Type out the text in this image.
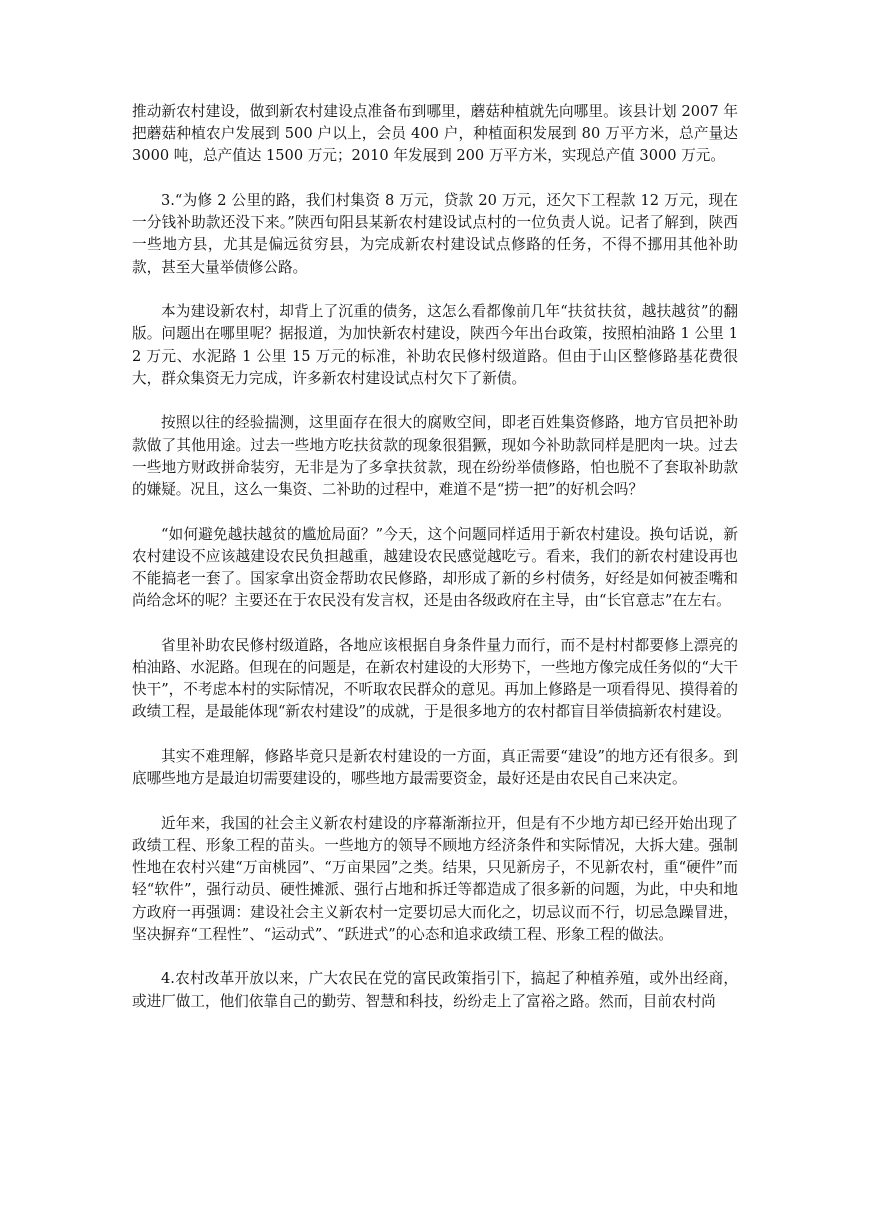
推动新农村建设，做到新农村建设点准备布到哪里，蘑菇种植就先向哪里。该县计划 2007 年把蘑菇种植农户发展到 500 户以上，会员 400 户，种植面积发展到 80 万平方米，总产量达 3000 吨，总产值达 1500 万元；2010 年发展到 200 万平方米，实现总产值 3000 万元。

3.“为修 2 公里的路，我们村集资 8 万元，贷款 20 万元，还欠下工程款 12 万元，现在一分钱补助款还没下来。”陕西旬阳县某新农村建设试点村的一位负责人说。记者了解到，陕西一些地方县，尤其是偏远贫穷县，为完成新农村建设试点修路的任务，不得不挪用其他补助款，甚至大量举债修公路。

本为建设新农村，却背上了沉重的债务，这怎么看都像前几年“扶贫扶贫，越扶越贫”的翻版。问题出在哪里呢？据报道，为加快新农村建设，陕西今年出台政策，按照柏油路 1 公里 12 万元、水泥路 1 公里 15 万元的标准，补助农民修村级道路。但由于山区整修路基花费很大，群众集资无力完成，许多新农村建设试点村欠下了新债。

按照以往的经验揣测，这里面存在很大的腐败空间，即老百姓集资修路，地方官员把补助款做了其他用途。过去一些地方吃扶贫款的现象很猖獗，现如今补助款同样是肥肉一块。过去一些地方财政拼命装穷，无非是为了多拿扶贫款，现在纷纷举债修路，怕也脱不了套取补助款的嫌疑。况且，这么一集资、二补助的过程中，难道不是“捞一把”的好机会吗？

“如何避免越扶越贫的尴尬局面？”今天，这个问题同样适用于新农村建设。换句话说，新农村建设不应该越建设农民负担越重，越建设农民感觉越吃亏。看来，我们的新农村建设再也不能搞老一套了。国家拿出资金帮助农民修路，却形成了新的乡村债务，好经是如何被歪嘴和尚给念坏的呢？主要还在于农民没有发言权，还是由各级政府在主导，由“长官意志”在左右。

省里补助农民修村级道路，各地应该根据自身条件量力而行，而不是村村都要修上漂亮的柏油路、水泥路。但现在的问题是，在新农村建设的大形势下，一些地方像完成任务似的“大干快干”，不考虑本村的实际情况，不听取农民群众的意见。再加上修路是一项看得见、摸得着的政绩工程，是最能体现“新农村建设”的成就，于是很多地方的农村都盲目举债搞新农村建设。

其实不难理解，修路毕竟只是新农村建设的一方面，真正需要“建设”的地方还有很多。到底哪些地方是最迫切需要建设的，哪些地方最需要资金，最好还是由农民自己来决定。

近年来，我国的社会主义新农村建设的序幕渐渐拉开，但是有不少地方却已经开始出现了政绩工程、形象工程的苗头。一些地方的领导不顾地方经济条件和实际情况，大拆大建。强制性地在农村兴建“万亩桃园”、“万亩果园”之类。结果，只见新房子，不见新农村，重“硬件”而轻“软件”，强行动员、硬性摊派、强行占地和拆迁等都造成了很多新的问题，为此，中央和地方政府一再强调：建设社会主义新农村一定要切忌大而化之，切忌议而不行，切忌急躁冒进，坚决摒弃“工程性”、“运动式”、“跃进式”的心态和追求政绩工程、形象工程的做法。

4.农村改革开放以来，广大农民在党的富民政策指引下，搞起了种植养殖，或外出经商，或进厂做工，他们依靠自己的勤劳、智慧和科技，纷纷走上了富裕之路。然而，目前农村尚
